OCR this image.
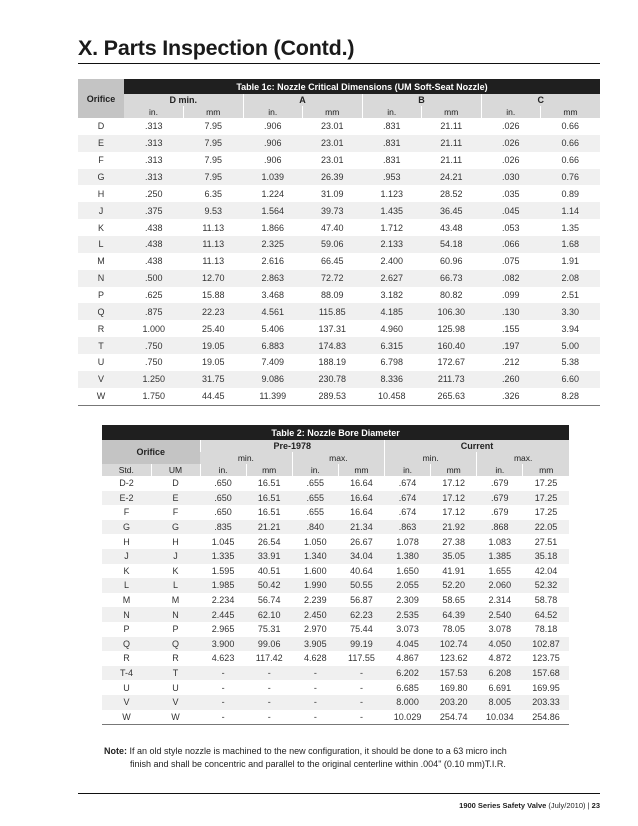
X. Parts Inspection (Contd.)
Orifice	Table 1c: Nozzle Critical Dimensions (UM Soft-Seat Nozzle)							
	D min.		A		B		C	
	in.	mm	in.	mm	in.	mm	in.	mm
D	.313	7.95	.906	23.01	.831	21.11	.026	0.66
E	.313	7.95	.906	23.01	.831	21.11	.026	0.66
F	.313	7.95	.906	23.01	.831	21.11	.026	0.66
G	.313	7.95	1.039	26.39	.953	24.21	.030	0.76
H	.250	6.35	1.224	31.09	1.123	28.52	.035	0.89
J	.375	9.53	1.564	39.73	1.435	36.45	.045	1.14
K	.438	11.13	1.866	47.40	1.712	43.48	.053	1.35
L	.438	11.13	2.325	59.06	2.133	54.18	.066	1.68
M	.438	11.13	2.616	66.45	2.400	60.96	.075	1.91
N	.500	12.70	2.863	72.72	2.627	66.73	.082	2.08
P	.625	15.88	3.468	88.09	3.182	80.82	.099	2.51
Q	.875	22.23	4.561	115.85	4.185	106.30	.130	3.30
R	1.000	25.40	5.406	137.31	4.960	125.98	.155	3.94
T	.750	19.05	6.883	174.83	6.315	160.40	.197	5.00
U	.750	19.05	7.409	188.19	6.798	172.67	.212	5.38
V	1.250	31.75	9.086	230.78	8.336	211.73	.260	6.60
W	1.750	44.45	11.399	289.53	10.458	265.63	.326	8.28
Table 2: Nozzle Bore Diameter									
Orifice		Pre-1978				Current			
		min.		max.		min.		max.	
Std.	UM	in.	mm	in.	mm	in.	mm	in.	mm
D-2	D	.650	16.51	.655	16.64	.674	17.12	.679	17.25
E-2	E	.650	16.51	.655	16.64	.674	17.12	.679	17.25
F	F	.650	16.51	.655	16.64	.674	17.12	.679	17.25
G	G	.835	21.21	.840	21.34	.863	21.92	.868	22.05
H	H	1.045	26.54	1.050	26.67	1.078	27.38	1.083	27.51
J	J	1.335	33.91	1.340	34.04	1.380	35.05	1.385	35.18
K	K	1.595	40.51	1.600	40.64	1.650	41.91	1.655	42.04
L	L	1.985	50.42	1.990	50.55	2.055	52.20	2.060	52.32
M	M	2.234	56.74	2.239	56.87	2.309	58.65	2.314	58.78
N	N	2.445	62.10	2.450	62.23	2.535	64.39	2.540	64.52
P	P	2.965	75.31	2.970	75.44	3.073	78.05	3.078	78.18
Q	Q	3.900	99.06	3.905	99.19	4.045	102.74	4.050	102.87
R	R	4.623	117.42	4.628	117.55	4.867	123.62	4.872	123.75
T-4	T	-	-	-	-	6.202	157.53	6.208	157.68
U	U	-	-	-	-	6.685	169.80	6.691	169.95
V	V	-	-	-	-	8.000	203.20	8.005	203.33
W	W	-	-	-	-	10.029	254.74	10.034	254.86
Note: If an old style nozzle is machined to the new configuration, it should be done to a 63 micro inch
finish and shall be concentric and parallel to the original centerline within .004" (0.10 mm)T.I.R.
1900 Series Safety Valve (July/2010) | 23
